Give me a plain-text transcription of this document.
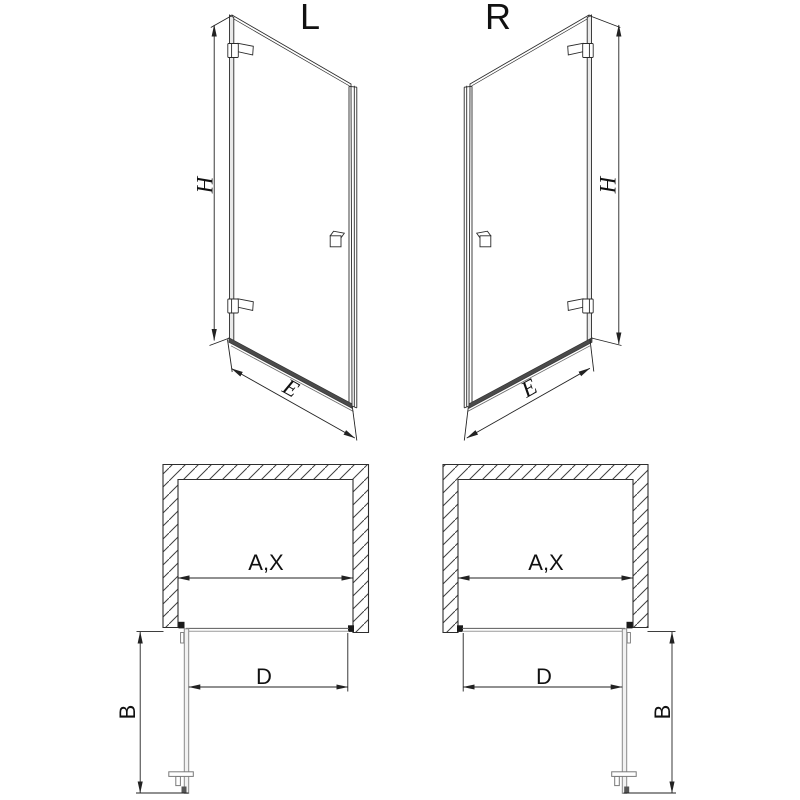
L	R
H	H
E	E
A,X	A,X
D	D
B	B
